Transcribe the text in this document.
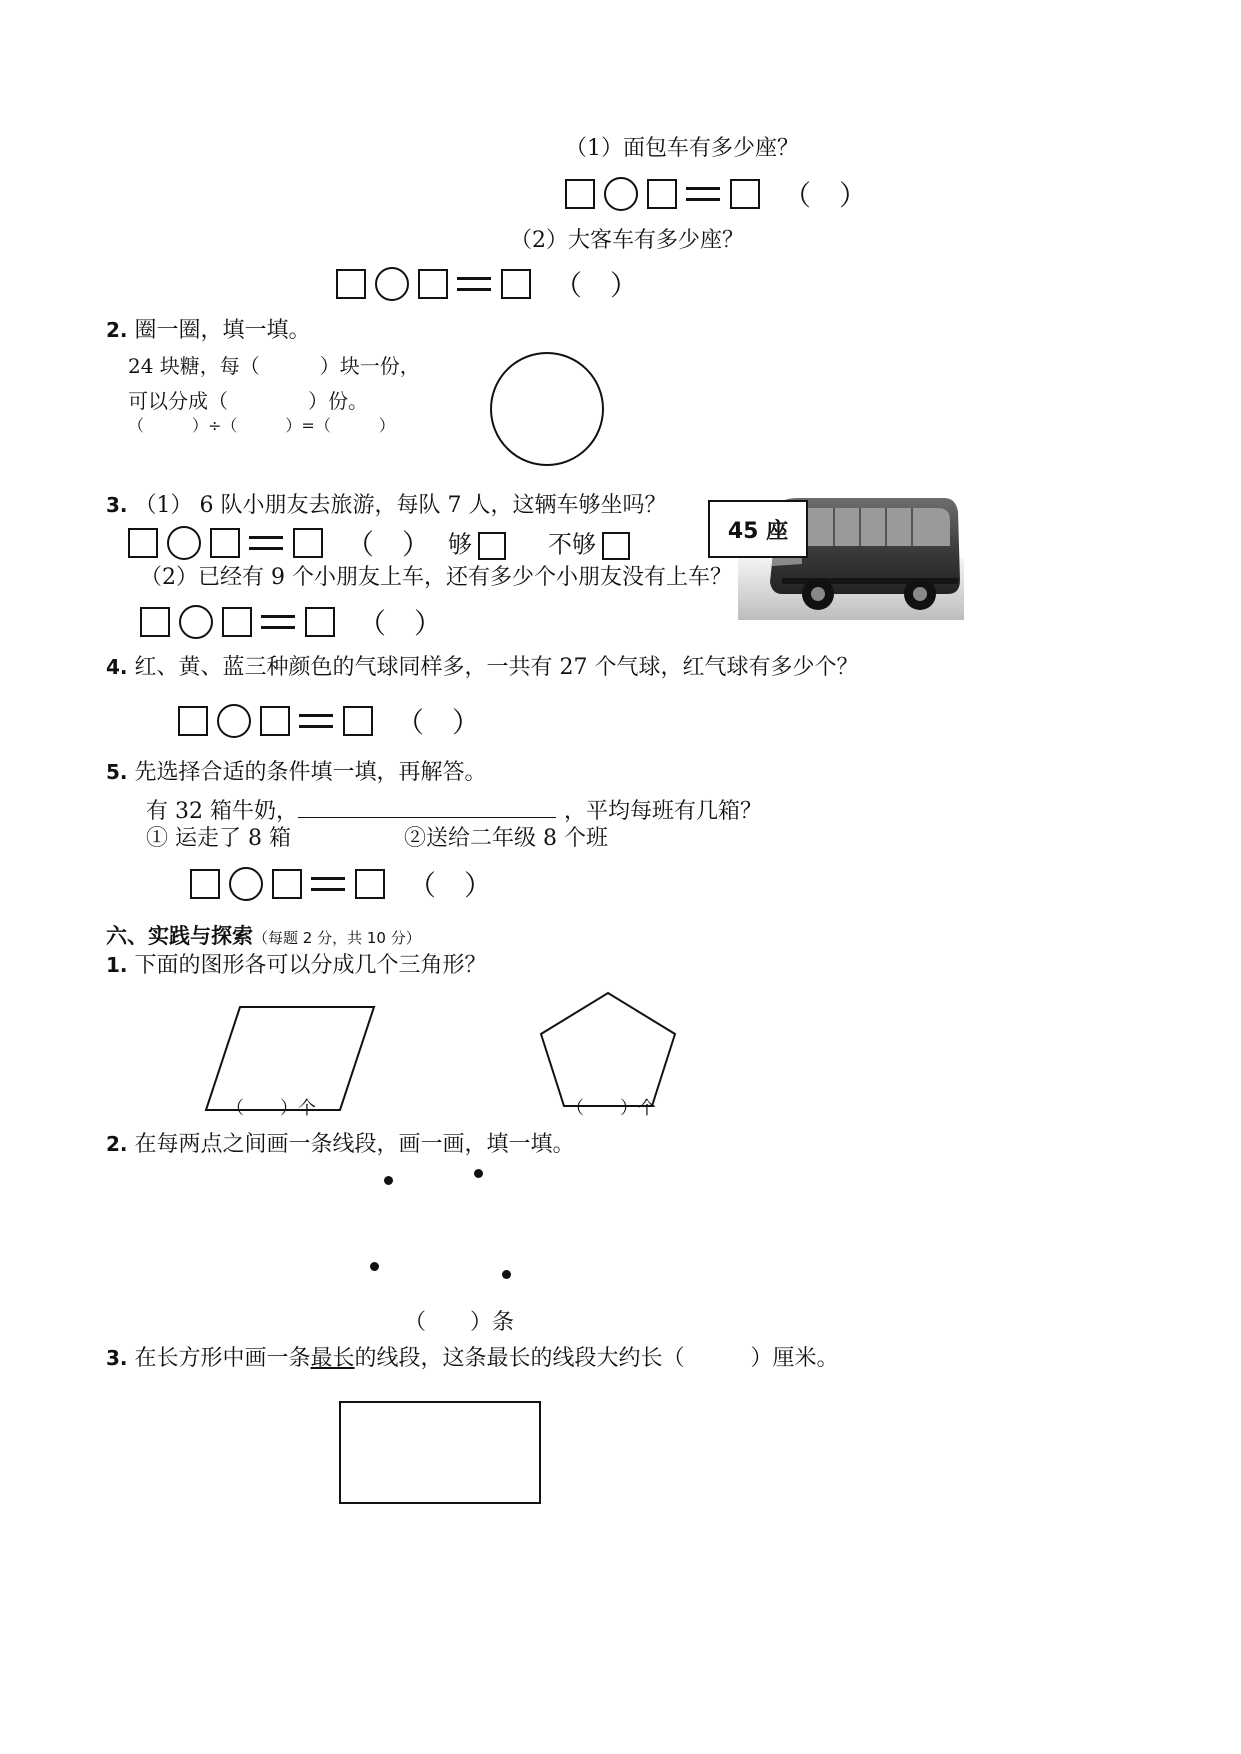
（1）面包车有多少座？
（　）
（2）大客车有多少座？
（　）
2. 圈一圈，填一填。
24 块糖，每（　　　）块一份，
可以分成（　　　　）份。
（　　　）÷（　　　）=（　　　）
3. （1） 6 队小朋友去旅游，每队 7 人，这辆车够坐吗？
（　） 够	不够
（2）已经有 9 个小朋友上车，还有多少个小朋友没有上车？
（　）
45 座
4. 红、黄、蓝三种颜色的气球同样多，一共有 27 个气球，红气球有多少个？
（　）
5. 先选择合适的条件填一填，再解答。
有 32 箱牛奶，	，平均每班有几箱？
① 运走了 8 箱	②送给二年级 8 个班
（　）
六、实践与探索（每题 2 分，共 10 分）
1. 下面的图形各可以分成几个三角形？
（　　）个	（　　）个
2. 在每两点之间画一条线段，画一画，填一填。
（　　）条
3. 在长方形中画一条最长的线段，这条最长的线段大约长（　　　）厘米。
